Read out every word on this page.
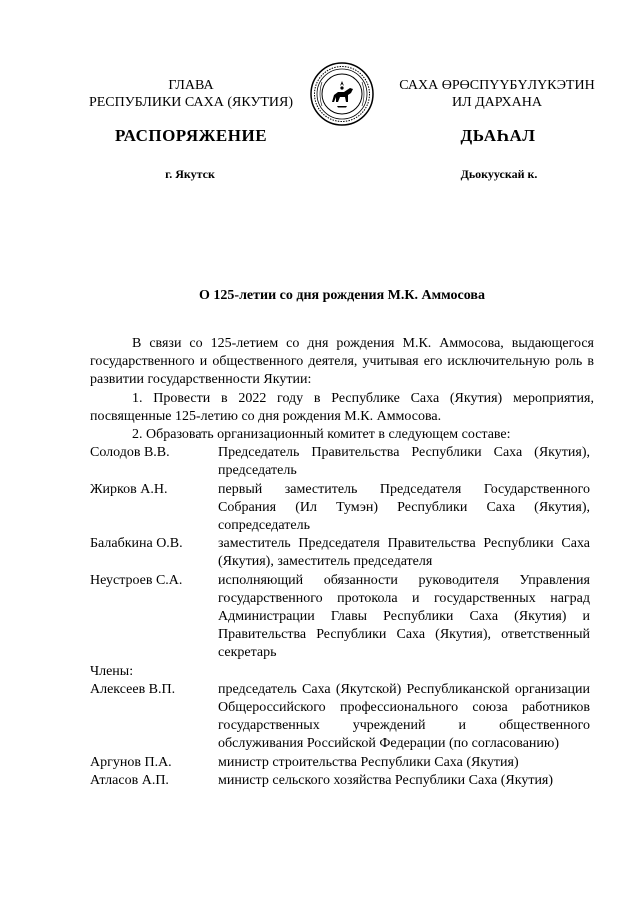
ГЛАВА
РЕСПУБЛИКИ САХА (ЯКУТИЯ)
САХА ӨРӨСПҮҮБҮЛҮКЭТИН
ИЛ ДАРХАНА
РАСПОРЯЖЕНИЕ	ДЬАҺАЛ
г. Якутск	Дьокуускай к.
О 125-летии со дня рождения М.К. Аммосова

В связи со 125-летием со дня рождения М.К. Аммосова, выдающегося государственного и общественного деятеля, учитывая его исключительную роль в развитии государственности Якутии:

1. Провести в 2022 году в Республике Саха (Якутия) мероприятия, посвященные 125-летию со дня рождения М.К. Аммосова.

2. Образовать организационный комитет в следующем составе:

Солодов В.В.	Председатель Правительства Республики Саха (Якутия), председатель
Жирков А.Н.	первый заместитель Председателя Государственного Собрания (Ил Тумэн) Республики Саха (Якутия), сопредседатель
Балабкина О.В.	заместитель Председателя Правительства Республики Саха (Якутия), заместитель председателя
Неустроев С.А.	исполняющий обязанности руководителя Управления государственного протокола и государственных наград Администрации Главы Республики Саха (Якутия) и Правительства Республики Саха (Якутия), ответственный секретарь

Члены:

Алексеев В.П.	председатель Саха (Якутской) Республиканской организации Общероссийского профессионального союза работников государственных учреждений и общественного обслуживания Российской Федерации (по согласованию)
Аргунов П.А.	министр строительства Республики Саха (Якутия)
Атласов А.П.	министр сельского хозяйства Республики Саха (Якутия)
